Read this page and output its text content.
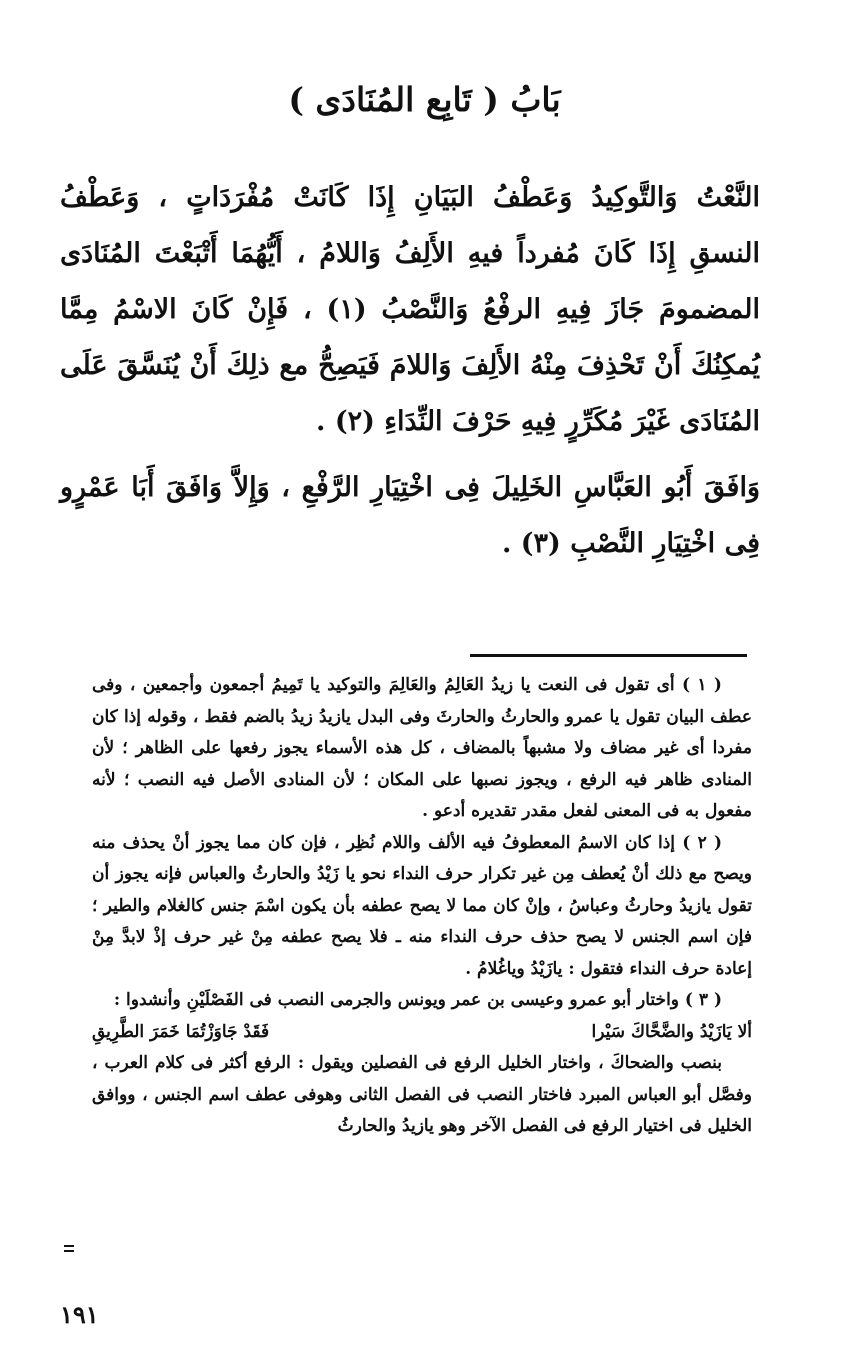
بَابُ ( تَابِع المُنَادَى )

النَّعْتُ وَالتَّوكِيدُ وَعَطْفُ البَيَانِ إِذَا كَانَتْ مُفْرَدَاتٍ ، وَعَطْفُ النسقِ إِذَا كَانَ مُفرداً فيهِ الأَلِفُ وَاللامُ ، أَيُّهُمَا أَتْبَعْتَ المُنَادَى المضمومَ جَازَ فِيهِ الرفْعُ وَالنَّصْبُ (١) ، فَإِنْ كَانَ الاسْمُ مِمَّا يُمكِنُكَ أَنْ تَحْذِفَ مِنْهُ الأَلِفَ وَاللامَ فَيَصِحُّ مع ذلِكَ أَنْ يُنَسَّقَ عَلَى المُنَادَى غَيْرَ مُكَرِّرٍ فِيهِ حَرْفَ النِّدَاءِ (٢) .

وَافَقَ أَبُو العَبَّاسِ الخَلِيلَ فِى اخْتِيَارِ الرَّفْعِ ، وَإِلاَّ وَافَقَ أَبَا عَمْرٍو فِى اخْتِيَارِ النَّصْبِ (٣) .

( ١ ) أى تقول فى النعت يا زيدُ العَالِمُ والعَالِمَ والتوكيد يا تَمِيمُ أجمعون وأجمعين ، وفى عطف البيان تقول يا عمرو والحارثُ والحارثَ وفى البدل يازيدُ زيدُ بالضم فقط ، وقوله إذا كان مفردا أى غير مضاف ولا مشبهاً بالمضاف ، كل هذه الأسماء يجوز رفعها على الظاهر ؛ لأن المنادى ظاهر فيه الرفع ، ويجوز نصبها على المكان ؛ لأن المنادى الأصل فيه النصب ؛ لأنه مفعول به فى المعنى لفعل مقدر تقديره أدعو .

( ٢ ) إذا كان الاسمُ المعطوفُ فيه الألف واللام نُظِر ، فإن كان مما يجوز أنْ يحذف منه ويصح مع ذلك أنْ يُعطف مِن غير تكرار حرف النداء نحو يا زَيْدُ والحارثُ والعباس فإنه يجوز أن تقول يازيدُ وحارثُ وعباسُ ، وإنْ كان مما لا يصح عطفه بأن يكون اسْمَ جنس كالغلام والطير ؛ فإن اسم الجنس لا يصح حذف حرف النداء منه ـ فلا يصح عطفه مِنْ غير حرف إذْ لابدَّ مِنْ إعادة حرف النداء فتقول : يازَيْدُ وياغُلامُ .

( ٣ ) واختار أبو عمرو وعيسى بن عمر ويونس والجرمى النصب فى الفَصْلَيْنِ وأنشدوا :

ألا يَازَيْدُ والضَّحَّاكَ سَيْرا
فَقَدْ جَاوَزْتُمَا خَمَرَ الطَّرِيقِ

بنصب والضحاكَ ، واختار الخليل الرفع فى الفصلين ويقول : الرفع أكثر فى كلام العرب ، وفصَّل أبو العباس المبرد فاختار النصب فى الفصل الثانى وهوفى عطف اسم الجنس ، ووافق الخليل فى اختيار الرفع فى الفصل الآخر وهو يازيدُ والحارثُ

١٩١
